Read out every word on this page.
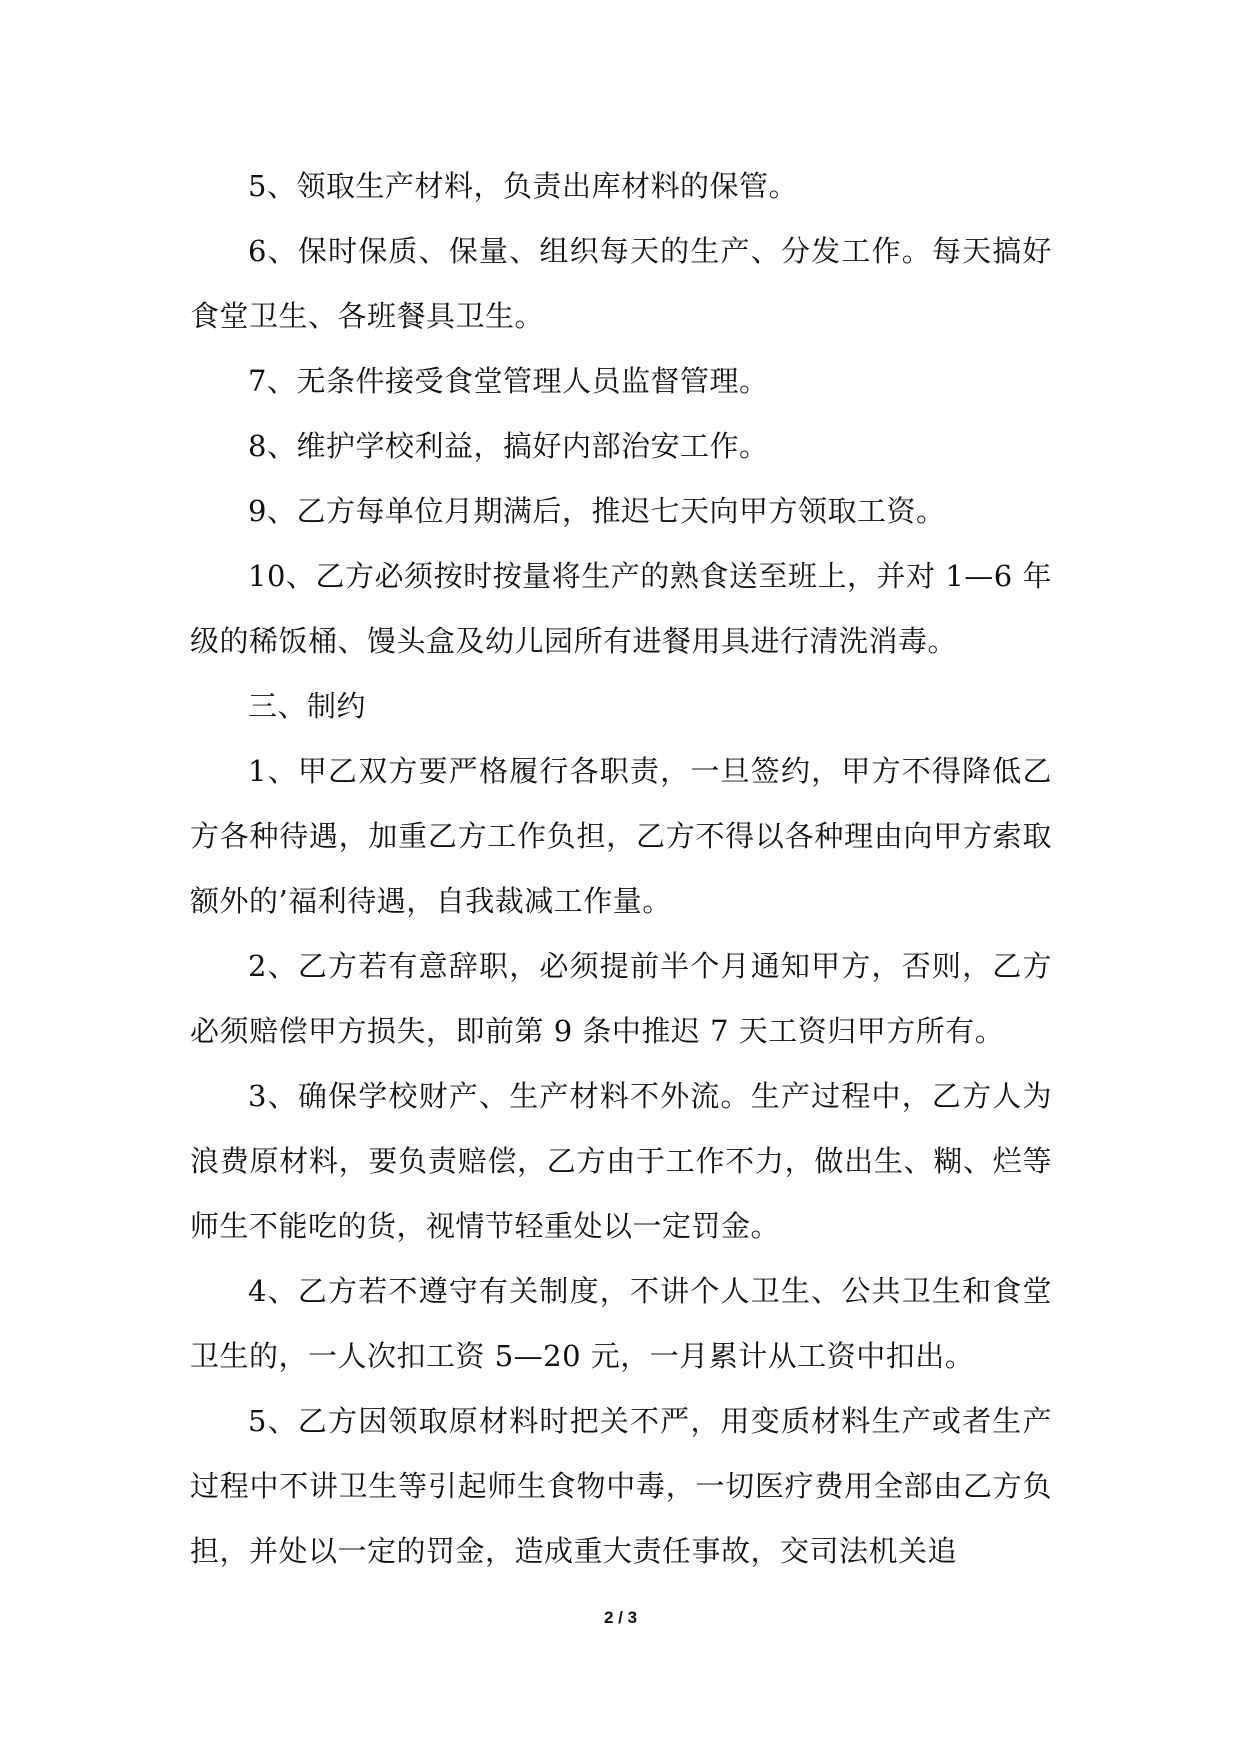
5、领取生产材料，负责出库材料的保管。

6、保时保质、保量、组织每天的生产、分发工作。每天搞好食堂卫生、各班餐具卫生。

7、无条件接受食堂管理人员监督管理。

8、维护学校利益，搞好内部治安工作。

9、乙方每单位月期满后，推迟七天向甲方领取工资。

10、乙方必须按时按量将生产的熟食送至班上，并对 1—6 年级的稀饭桶、馒头盒及幼儿园所有进餐用具进行清洗消毒。

三、制约

1、甲乙双方要严格履行各职责，一旦签约，甲方不得降低乙方各种待遇，加重乙方工作负担，乙方不得以各种理由向甲方索取额外的’福利待遇，自我裁减工作量。

2、乙方若有意辞职，必须提前半个月通知甲方，否则，乙方必须赔偿甲方损失，即前第 9 条中推迟 7 天工资归甲方所有。

3、确保学校财产、生产材料不外流。生产过程中，乙方人为浪费原材料，要负责赔偿，乙方由于工作不力，做出生、糊、烂等师生不能吃的货，视情节轻重处以一定罚金。

4、乙方若不遵守有关制度，不讲个人卫生、公共卫生和食堂卫生的，一人次扣工资 5—20 元，一月累计从工资中扣出。

5、乙方因领取原材料时把关不严，用变质材料生产或者生产过程中不讲卫生等引起师生食物中毒，一切医疗费用全部由乙方负担，并处以一定的罚金，造成重大责任事故，交司法机关追

2 / 3
